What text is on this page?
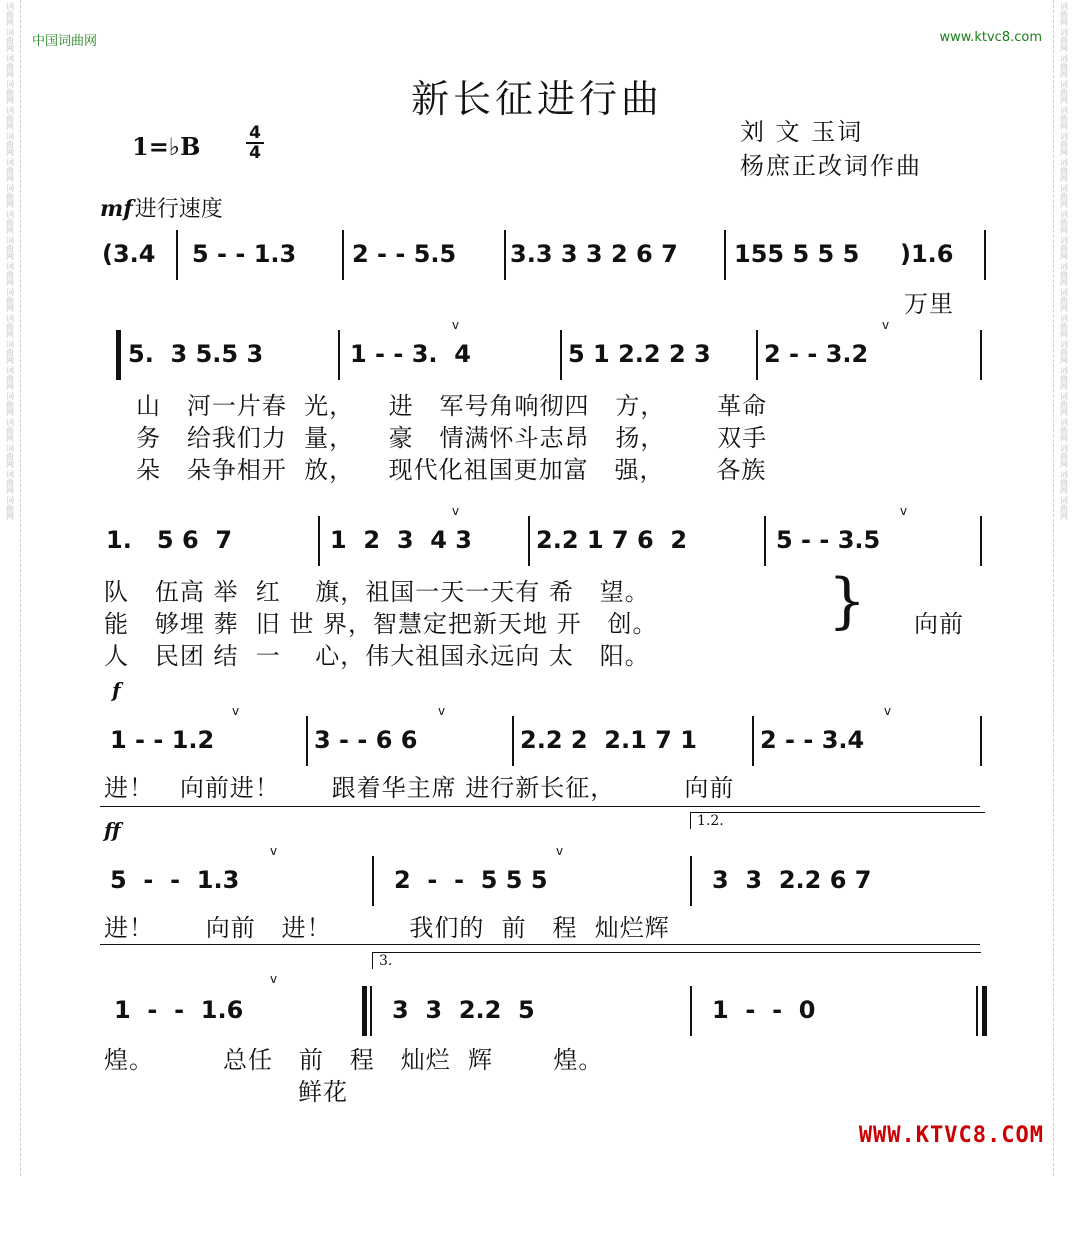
词曲网
词曲网
词曲网
词曲网
词曲网
词曲网
词曲网
词曲网
词曲网
词曲网
词曲网
词曲网
词曲网
词曲网
词曲网
词曲网
词曲网
词曲网
词曲网
词曲网
词曲网
词曲网
词曲网
词曲网
词曲网
词曲网
词曲网
词曲网
词曲网
词曲网
词曲网
词曲网
词曲网
词曲网
词曲网
词曲网
词曲网
词曲网
词曲网
词曲网
中国词曲网	www.ktvc8.com
新长征进行曲
1=♭B	4
4
刘 文 玉词
杨庶正改词作曲
mf进行速度

(3.4

5 - - 1.3

2 - - 5.5

3.3 3 3 2 6 7

155 5 5 5

)1.6

万里

5.  3 5.5 3

	1 - - 3.  4

	5 1 2.2 2 3

2 - - 3.2

v	v
山   河一片春  光，    进   军号角响彻四   方，      革命
务   给我们力  量，    豪   情满怀斗志昂   扬，      双手
朵   朵争相开  放，    现代化祖国更加富   强，      各族

1.   5 6  7

	1  2  3  4 3

	2.2 1 7 6  2

	5 - - 3.5

v	v
队   伍高 举  红    旗，祖国一天一天有 希   望。
能   够埋 葬  旧 世 界，智慧定把新天地 开   创。
人   民团 结  一    心，伟大祖国永远向 太   阳。
} 向前
f

1 - - 1.2

	3 - - 6 6

	2.2 2  2.1 7 1

	2 - - 3.4

v	v	v
进！   向前进！      跟着华主席 进行新长征，        向前
ff	1.2.

5  -  -  1.3

	2  -  -  5 5 5

	3  3  2.2 6 7

v	v
进！      向前   进！         我们的  前   程  灿烂辉
3.

1  -  -  1.6

	3  3  2.2  5

	1  -  -  0

v
煌。        总任   前   程   灿烂  辉       煌。
鲜花
WWW.KTVC8.COM
